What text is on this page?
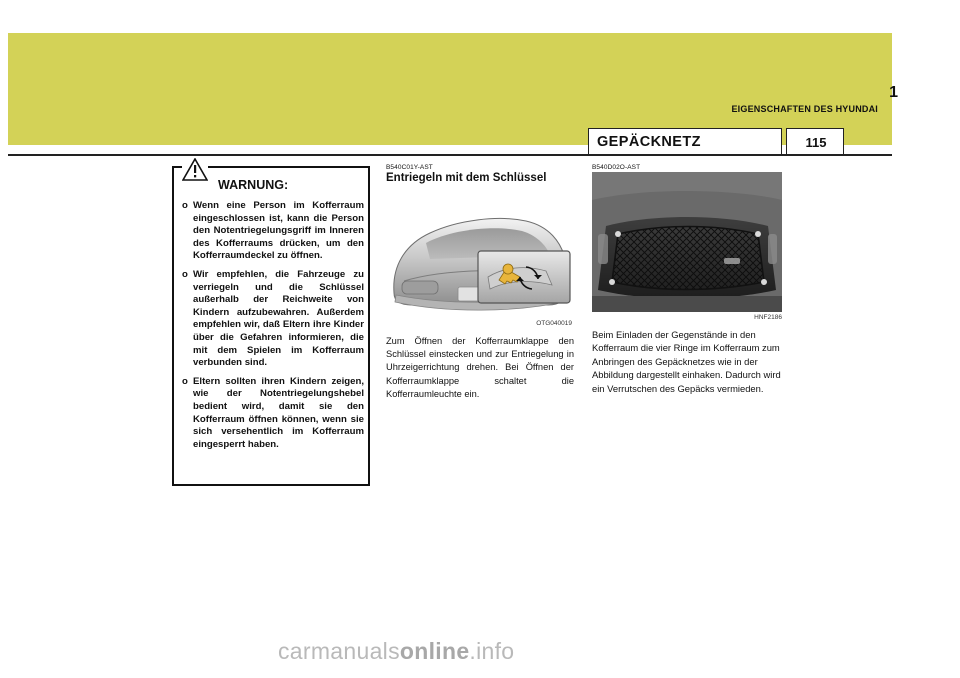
1
EIGENSCHAFTEN DES HYUNDAI
GEPÄCKNETZ	115
WARNUNG:
o Wenn eine Person im Kofferraum eingeschlossen ist, kann die Person den Notentriegelungsgriff im Inneren des Kofferraums drücken, um den Kofferraumdeckel zu öffnen.
o Wir empfehlen, die Fahrzeuge zu verriegeln und die Schlüssel außerhalb der Reichweite von Kindern aufzubewahren. Außerdem empfehlen wir, daß Eltern ihre Kinder über die Gefahren informieren, die mit dem Spielen im Kofferraum verbunden sind.
o Eltern sollten ihren Kindern zeigen, wie der Notentriegelungshebel bedient wird, damit sie den Kofferraum öffnen können, wenn sie sich versehentlich im Kofferraum eingesperrt haben.
B540C01Y-AST
Entriegeln mit dem Schlüssel
OTG040019

Zum Öffnen der Kofferraumklappe den Schlüssel einstecken und zur Entriegelung in Uhrzeigerrichtung drehen. Bei Öffnen der Kofferraumklappe schaltet die Kofferraumleuchte ein.

B540D02O-AST
HNF2186

Beim Einladen der Gegenstände in den Kofferraum die vier Ringe im Kofferraum zum Anbringen des Gepäcknetzes wie in der Abbildung dargestellt einhaken. Dadurch wird ein Verrutschen des Gepäcks vermieden.

carmanualsonline.info
